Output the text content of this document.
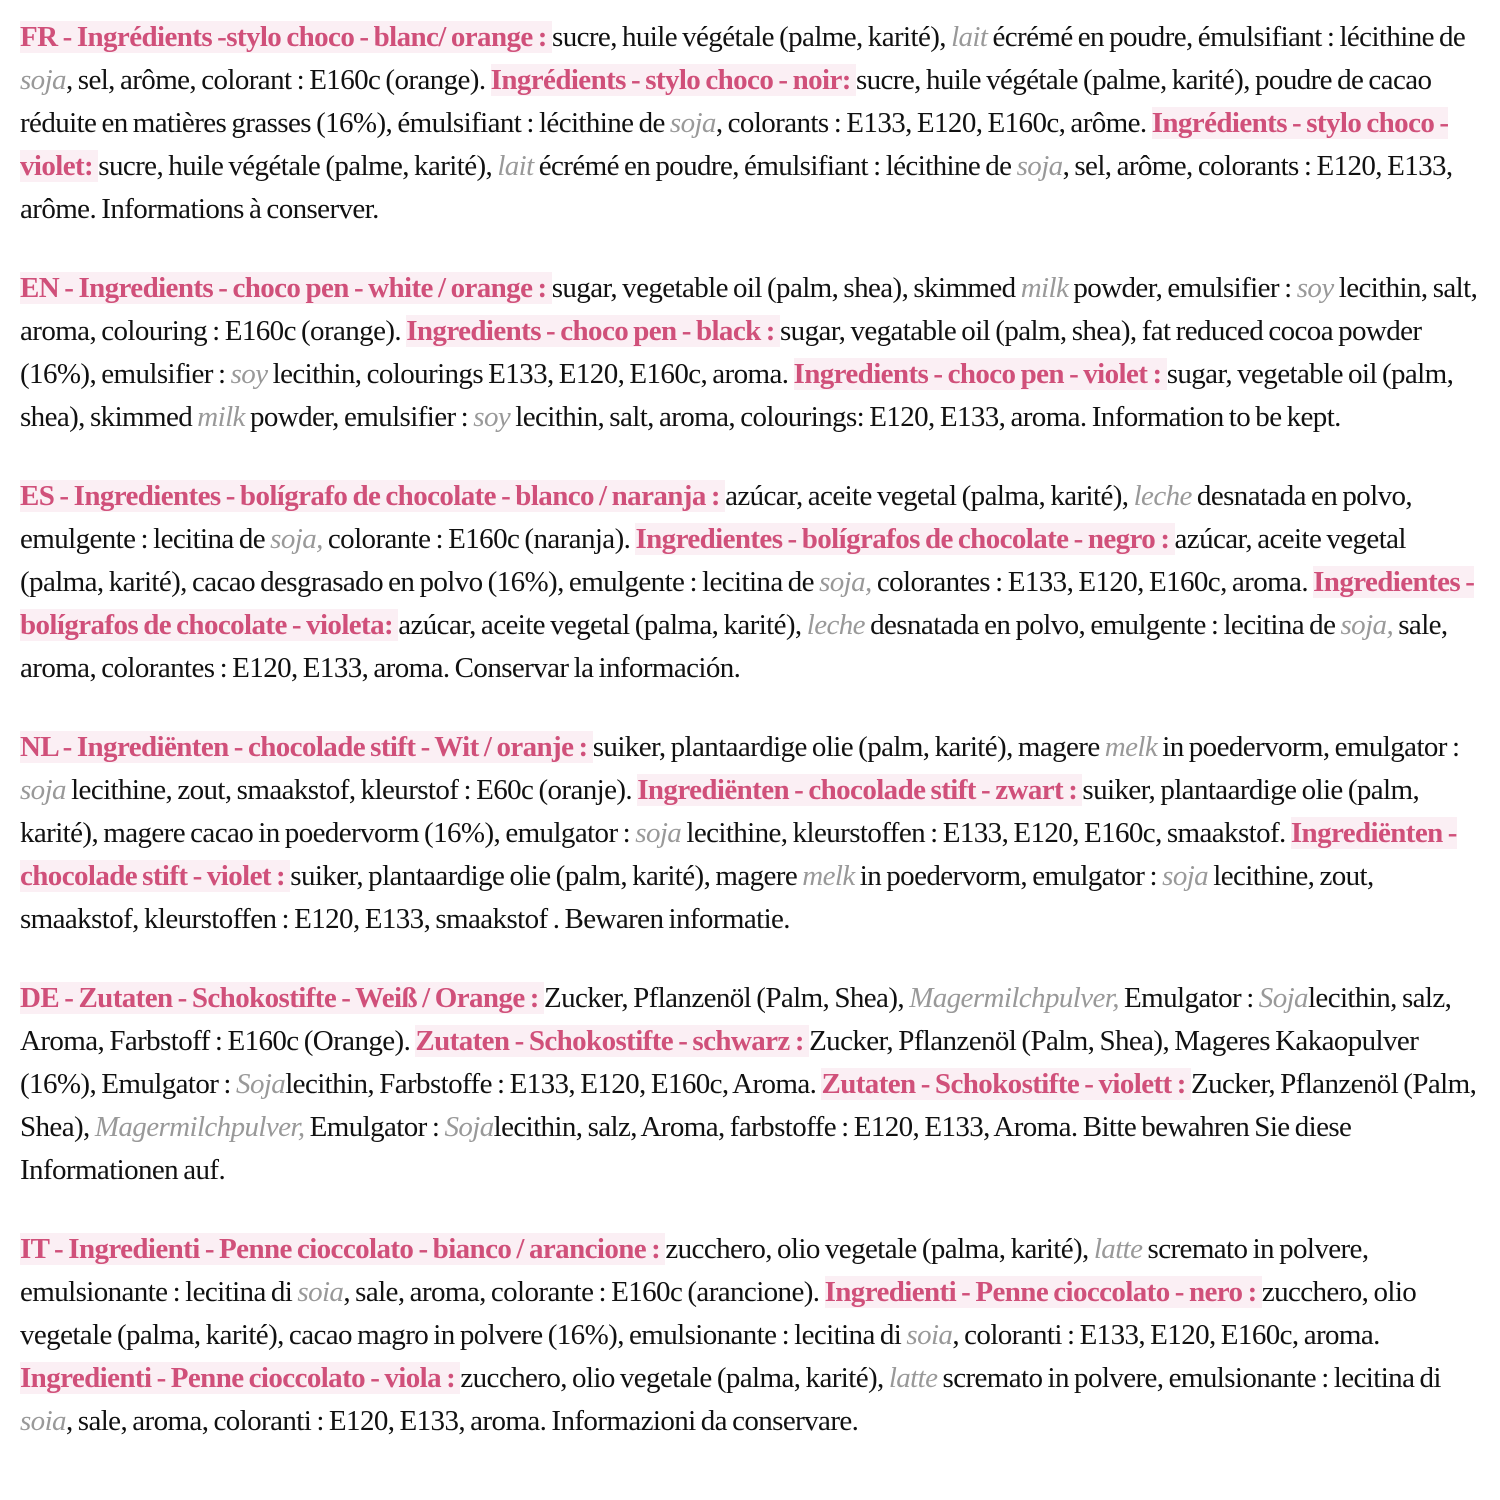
FR - Ingrédients -stylo choco - blanc/ orange : sucre, huile végétale (palme, karité), lait écrémé en poudre, émulsifiant : lécithine de soja, sel, arôme, colorant : E160c (orange). Ingrédients - stylo choco - noir: sucre, huile végétale (palme, karité), poudre de cacao réduite en matières grasses (16%), émulsifiant : lécithine de soja, colorants : E133, E120, E160c, arôme. Ingrédients - stylo choco - violet: sucre, huile végétale (palme, karité), lait écrémé en poudre, émulsifiant : lécithine de soja, sel, arôme, colorants : E120, E133, arôme. Informations à conserver.

EN - Ingredients - choco pen - white / orange : sugar, vegetable oil (palm, shea), skimmed milk powder, emulsifier : soy lecithin, salt, aroma, colouring : E160c (orange). Ingredients - choco pen - black : sugar, vegatable oil (palm, shea), fat reduced cocoa powder (16%), emulsifier : soy lecithin, colourings E133, E120, E160c, aroma. Ingredients - choco pen - violet : sugar, vegetable oil (palm, shea), skimmed milk powder, emulsifier : soy lecithin, salt, aroma, colourings: E120, E133, aroma. Information to be kept.

ES - Ingredientes - bolígrafo de chocolate - blanco / naranja : azúcar, aceite vegetal (palma, karité), leche desnatada en polvo, emulgente : lecitina de soja, colorante : E160c (naranja). Ingredientes - bolígrafos de chocolate - negro : azúcar, aceite vegetal (palma, karité), cacao desgrasado en polvo (16%), emulgente : lecitina de soja, colorantes : E133, E120, E160c, aroma. Ingredientes - bolígrafos de chocolate - violeta: azúcar, aceite vegetal (palma, karité), leche desnatada en polvo, emulgente : lecitina de soja, sale, aroma, colorantes : E120, E133, aroma. Conservar la información.

NL - Ingrediënten - chocolade stift - Wit / oranje : suiker, plantaardige olie (palm, karité), magere melk in poedervorm, emulgator : soja lecithine, zout, smaakstof, kleurstof : E60c (oranje). Ingrediënten - chocolade stift - zwart : suiker, plantaardige olie (palm, karité), magere cacao in poedervorm (16%), emulgator : soja lecithine, kleurstoffen : E133, E120, E160c, smaakstof. Ingrediënten - chocolade stift - violet : suiker, plantaardige olie (palm, karité), magere melk in poedervorm, emulgator : soja lecithine, zout, smaakstof, kleurstoffen : E120, E133, smaakstof . Bewaren informatie.

DE - Zutaten - Schokostifte - Weiß / Orange : Zucker, Pflanzenöl (Palm, Shea), Magermilchpulver, Emulgator : Sojalecithin, salz, Aroma, Farbstoff : E160c (Orange). Zutaten - Schokostifte - schwarz : Zucker, Pflanzenöl (Palm, Shea), Mageres Kakaopulver (16%), Emulgator : Sojalecithin, Farbstoffe : E133, E120, E160c, Aroma. Zutaten - Schokostifte - violett : Zucker, Pflanzenöl (Palm, Shea), Magermilchpulver, Emulgator : Sojalecithin, salz, Aroma, farbstoffe : E120, E133, Aroma. Bitte bewahren Sie diese Informationen auf.

IT - Ingredienti - Penne cioccolato - bianco / arancione : zucchero, olio vegetale (palma, karité), latte scremato in polvere, emulsionante : lecitina di soia, sale, aroma, colorante : E160c (arancione). Ingredienti - Penne cioccolato - nero : zucchero, olio vegetale (palma, karité), cacao magro in polvere (16%), emulsionante : lecitina di soia, coloranti : E133, E120, E160c, aroma. Ingredienti - Penne cioccolato - viola : zucchero, olio vegetale (palma, karité), latte scremato in polvere, emulsionante : lecitina di soia, sale, aroma, coloranti : E120, E133, aroma. Informazioni da conservare.
